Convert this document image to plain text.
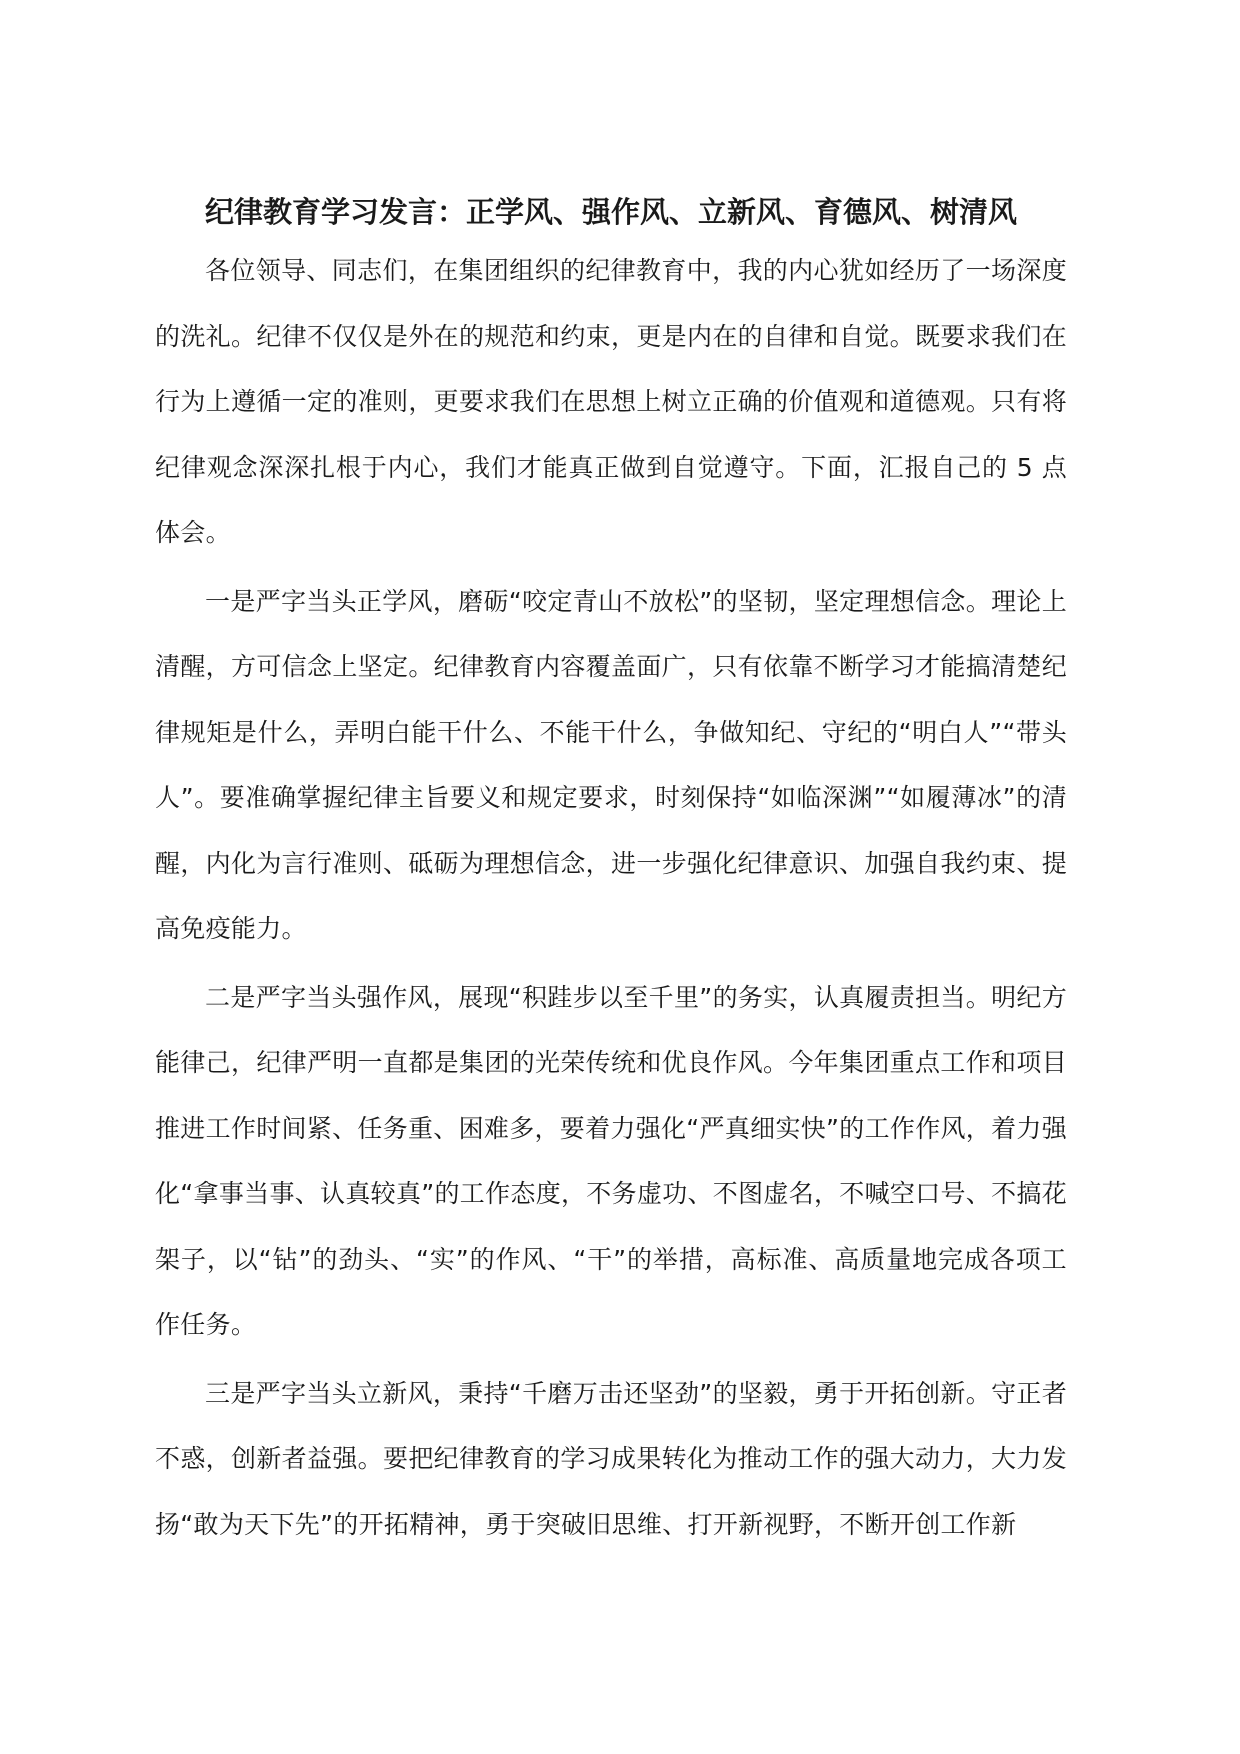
纪律教育学习发言：正学风、强作风、立新风、育德风、树清风

各位领导、同志们，在集团组织的纪律教育中，我的内心犹如经历了一场深度的洗礼。纪律不仅仅是外在的规范和约束，更是内在的自律和自觉。既要求我们在行为上遵循一定的准则，更要求我们在思想上树立正确的价值观和道德观。只有将纪律观念深深扎根于内心，我们才能真正做到自觉遵守。下面，汇报自己的 5 点体会。

一是严字当头正学风，磨砺“咬定青山不放松”的坚韧，坚定理想信念。理论上清醒，方可信念上坚定。纪律教育内容覆盖面广，只有依靠不断学习才能搞清楚纪律规矩是什么，弄明白能干什么、不能干什么，争做知纪、守纪的“明白人”“带头人”。要准确掌握纪律主旨要义和规定要求，时刻保持“如临深渊”“如履薄冰”的清醒，内化为言行准则、砥砺为理想信念，进一步强化纪律意识、加强自我约束、提高免疫能力。

二是严字当头强作风，展现“积跬步以至千里”的务实，认真履责担当。明纪方能律己，纪律严明一直都是集团的光荣传统和优良作风。今年集团重点工作和项目推进工作时间紧、任务重、困难多，要着力强化“严真细实快”的工作作风，着力强化“拿事当事、认真较真”的工作态度，不务虚功、不图虚名，不喊空口号、不搞花架子，以“钻”的劲头、“实”的作风、“干”的举措，高标准、高质量地完成各项工作任务。

三是严字当头立新风，秉持“千磨万击还坚劲”的坚毅，勇于开拓创新。守正者不惑，创新者益强。要把纪律教育的学习成果转化为推动工作的强大动力，大力发扬“敢为天下先”的开拓精神，勇于突破旧思维、打开新视野，不断开创工作新
